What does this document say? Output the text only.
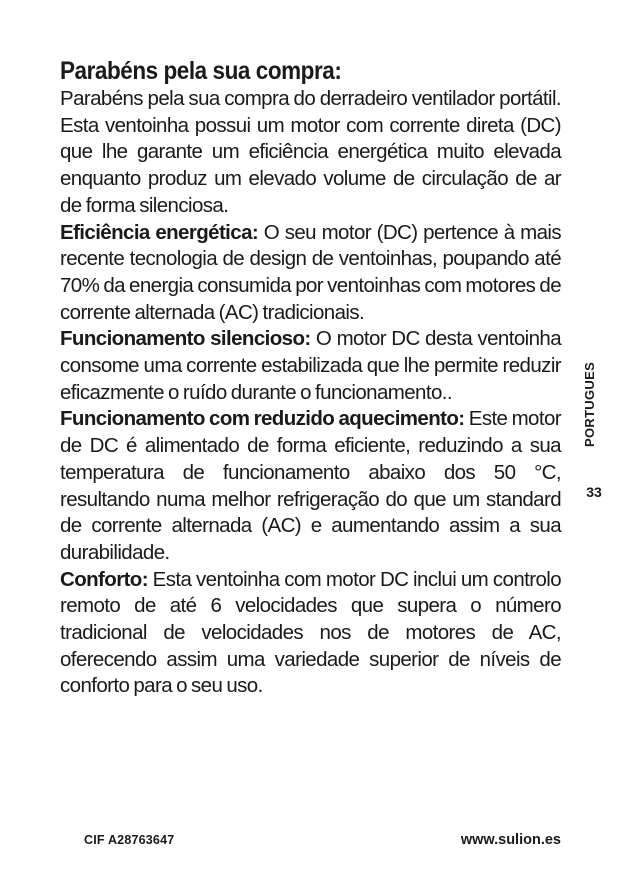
Parabéns pela sua compra:

Parabéns pela sua compra do derradeiro ventilador portátil. Esta ventoinha possui um motor com corrente direta (DC) que lhe garante um eficiência energética muito elevada enquanto produz um elevado volume de circulação de ar de forma silenciosa.

Eficiência energética: O seu motor (DC) pertence à mais recente tecnologia de design de ventoinhas, poupando até 70% da energia consumida por ventoinhas com motores de corrente alternada (AC) tradicionais.

Funcionamento silencioso: O motor DC desta ventoinha consome uma corrente estabilizada que lhe permite reduzir eficazmente o ruído durante o funcionamento..

Funcionamento com reduzido aquecimento: Este motor de DC é alimentado de forma eficiente, reduzindo a sua temperatura de funcionamento abaixo dos 50 °C, resultando numa melhor refrigeração do que um standard de corrente alternada (AC) e aumentando assim a sua durabilidade.

Conforto: Esta ventoinha com motor DC inclui um controlo remoto de até 6 velocidades que supera o número tradicional de velocidades nos de motores de AC, oferecendo assim uma variedade superior de níveis de conforto para o seu uso.

PORTUGUES
33
CIF A28763647	www.sulion.es
